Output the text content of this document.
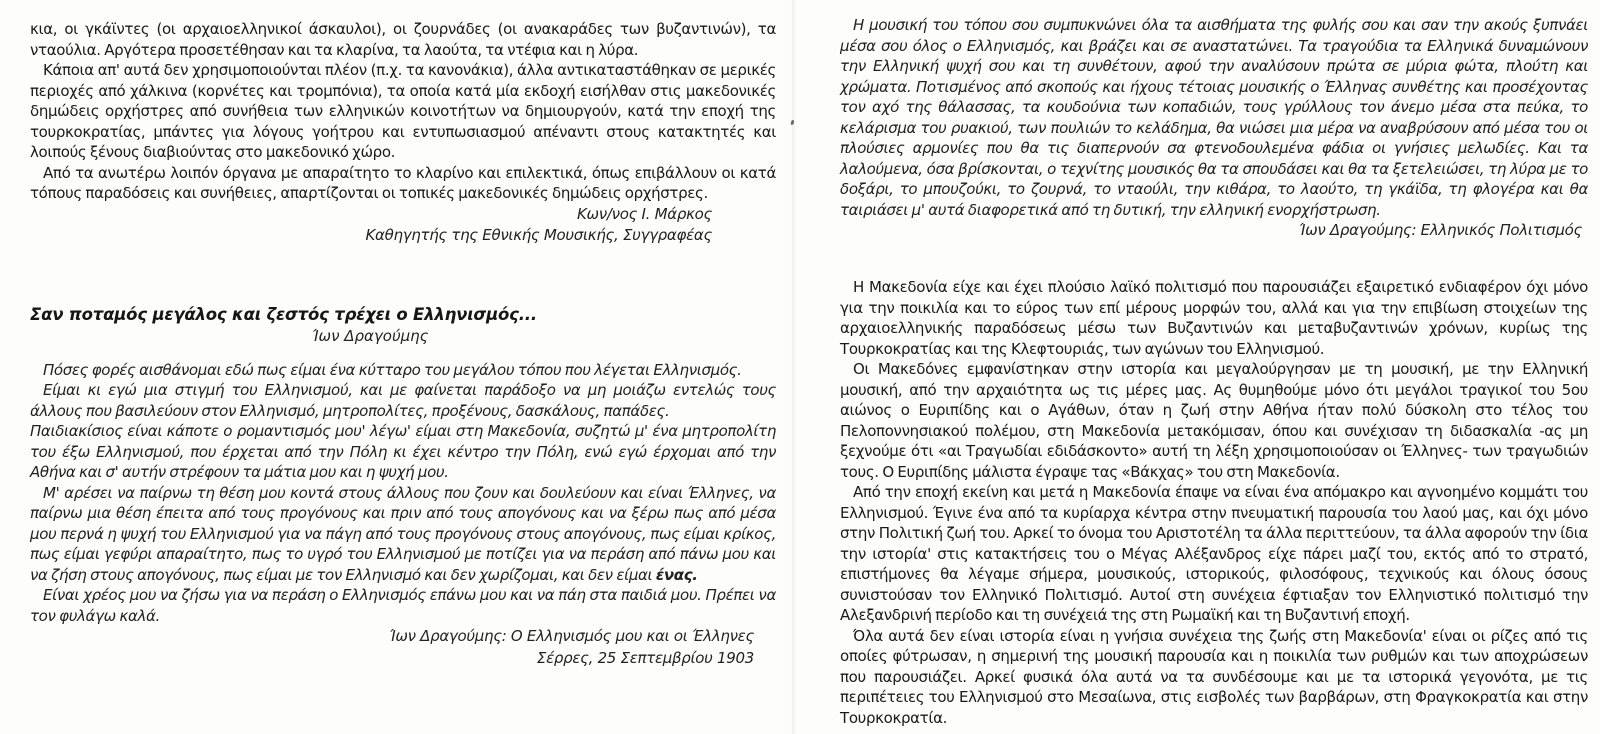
κια, οι γκάϊντες (οι αρχαιοελληνικοί άσκαυλοι), οι ζουρνάδες (οι ανακαράδες των βυζαντινών), τα νταούλια. Αργότερα προσετέθησαν και τα κλαρίνα, τα λαούτα, τα ντέφια και η λύρα.

Κάποια απ' αυτά δεν χρησιμοποιούνται πλέον (π.χ. τα κανονάκια), άλλα αντικαταστάθηκαν σε μερικές περιοχές από χάλκινα (κορνέτες και τρομπόνια), τα οποία κατά μία εκδοχή εισήλθαν στις μακεδονικές δημώδεις ορχήστρες από συνήθεια των ελληνικών κοινοτήτων να δημιουργούν, κατά την εποχή της τουρκοκρατίας, μπάντες για λόγους γοήτρου και εντυπωσιασμού απέναντι στους κατακτητές και λοιπούς ξένους διαβιούντας στο μακεδονικό χώρο.

Από τα ανωτέρω λοιπόν όργανα με απαραίτητο το κλαρίνο και επιλεκτικά, όπως επιβάλλουν οι κατά τόπους παραδόσεις και συνήθειες, απαρτίζονται οι τοπικές μακεδονικές δημώδεις ορχήστρες.

Κων/νος Ι. Μάρκος

Καθηγητής της Εθνικής Μουσικής, Συγγραφέας

Σαν ποταμός μεγάλος και ζεστός τρέχει ο Ελληνισμός...

Ίων Δραγούμης

Πόσες φορές αισθάνομαι εδώ πως είμαι ένα κύτταρο του μεγάλου τόπου που λέγεται Ελληνισμός.

Είμαι κι εγώ μια στιγμή του Ελληνισμού, και με φαίνεται παράδοξο να μη μοιάζω εντελώς τους άλλους που βασιλεύουν στον Ελληνισμό, μητροπολίτες, προξένους, δασκάλους, παπάδες.

Παιδιακίσιος είναι κάποτε ο ρομαντισμός μου' λέγω' είμαι στη Μακεδονία, συζητώ μ' ένα μητροπολίτη του έξω Ελληνισμού, που έρχεται από την Πόλη κι έχει κέντρο την Πόλη, ενώ εγώ έρχομαι από την Αθήνα και σ' αυτήν στρέφουν τα μάτια μου και η ψυχή μου.

Μ' αρέσει να παίρνω τη θέση μου κοντά στους άλλους που ζουν και δουλεύουν και είναι Έλληνες, να παίρνω μια θέση έπειτα από τους προγόνους και πριν από τους απογόνους και να ξέρω πως από μέσα μου περνά η ψυχή του Ελληνισμού για να πάγη από τους προγόνους στους απογόνους, πως είμαι κρίκος, πως είμαι γεφύρι απαραίτητο, πως το υγρό του Ελληνισμού με ποτίζει για να περάση από πάνω μου και να ζήση στους απογόνους, πως είμαι με τον Ελληνισμό και δεν χωρίζομαι, και δεν είμαι ένας.

Είναι χρέος μου να ζήσω για να περάση ο Ελληνισμός επάνω μου και να πάη στα παιδιά μου. Πρέπει να τον φυλάγω καλά.

Ίων Δραγούμης: Ο Ελληνισμός μου και οι Έλληνες

Σέρρες, 25 Σεπτεμβρίου 1903

Η μουσική του τόπου σου συμπυκνώνει όλα τα αισθήματα της φυλής σου και σαν την ακούς ξυπνάει μέσα σου όλος ο Ελληνισμός, και βράζει και σε αναστατώνει. Τα τραγούδια τα Ελληνικά δυναμώνουν την Ελληνική ψυχή σου και τη συνθέτουν, αφού την αναλύσουν πρώτα σε μύρια φώτα, πλούτη και χρώματα. Ποτισμένος από σκοπούς και ήχους τέτοιας μουσικής ο Έλληνας συνθέτης και προσέχοντας τον αχό της θάλασσας, τα κουδούνια των κοπαδιών, τους γρύλλους τον άνεμο μέσα στα πεύκα, το κελάρισμα του ρυακιού, των πουλιών το κελάδημα, θα νιώσει μια μέρα να αναβρύσουν από μέσα του οι πλούσιες αρμονίες που θα τις διαπερνούν σα φτενοδουλεμένα φάδια οι γνήσιες μελωδίες. Και τα λαλούμενα, όσα βρίσκονται, ο τεχνίτης μουσικός θα τα σπουδάσει και θα τα ξετελειώσει, τη λύρα με το δοξάρι, το μπουζούκι, το ζουρνά, το νταούλι, την κιθάρα, το λαούτο, τη γκάϊδα, τη φλογέρα και θα ταιριάσει μ' αυτά διαφορετικά από τη δυτική, την ελληνική ενορχήστρωση.

Ίων Δραγούμης: Ελληνικός Πολιτισμός

Η Μακεδονία είχε και έχει πλούσιο λαϊκό πολιτισμό που παρουσιάζει εξαιρετικό ενδιαφέρον όχι μόνο για την ποικιλία και το εύρος των επί μέρους μορφών του, αλλά και για την επιβίωση στοιχείων της αρχαιοελληνικής παραδόσεως μέσω των Βυζαντινών και μεταβυζαντινών χρόνων, κυρίως της Τουρκοκρατίας και της Κλεφτουριάς, των αγώνων του Ελληνισμού.

Οι Μακεδόνες εμφανίστηκαν στην ιστορία και μεγαλούργησαν με τη μουσική, με την Ελληνική μουσική, από την αρχαιότητα ως τις μέρες μας. Ας θυμηθούμε μόνο ότι μεγάλοι τραγικοί του 5ου αιώνος ο Ευριπίδης και ο Αγάθων, όταν η ζωή στην Αθήνα ήταν πολύ δύσκολη στο τέλος του Πελοποννησιακού πολέμου, στη Μακεδονία μετακόμισαν, όπου και συνέχισαν τη διδασκαλία -ας μη ξεχνούμε ότι «αι Τραγωδίαι εδιδάσκοντο» αυτή τη λέξη χρησιμοποιούσαν οι Έλληνες- των τραγωδιών τους. Ο Ευριπίδης μάλιστα έγραψε τας «Βάκχας» του στη Μακεδονία.

Από την εποχή εκείνη και μετά η Μακεδονία έπαψε να είναι ένα απόμακρο και αγνοημένο κομμάτι του Ελληνισμού. Έγινε ένα από τα κυρίαρχα κέντρα στην πνευματική παρουσία του λαού μας, και όχι μόνο στην Πολιτική ζωή του. Αρκεί το όνομα του Αριστοτέλη τα άλλα περιττεύουν, τα άλλα αφορούν την ίδια την ιστορία' στις κατακτήσεις του ο Μέγας Αλέξανδρος είχε πάρει μαζί του, εκτός από το στρατό, επιστήμονες θα λέγαμε σήμερα, μουσικούς, ιστορικούς, φιλοσόφους, τεχνικούς και όλους όσους συνιστούσαν τον Ελληνικό Πολιτισμό. Αυτοί στη συνέχεια έφτιαξαν τον Ελληνιστικό πολιτισμό την Αλεξανδρινή περίοδο και τη συνέχειά της στη Ρωμαϊκή και τη Βυζαντινή εποχή.

Όλα αυτά δεν είναι ιστορία είναι η γνήσια συνέχεια της ζωής στη Μακεδονία' είναι οι ρίζες από τις οποίες φύτρωσαν, η σημερινή της μουσική παρουσία και η ποικιλία των ρυθμών και των αποχρώσεων που παρουσιάζει. Αρκεί φυσικά όλα αυτά να τα συνδέσουμε και με τα ιστορικά γεγονότα, με τις περιπέτειες του Ελληνισμού στο Μεσαίωνα, στις εισβολές των βαρβάρων, στη Φραγκοκρατία και στην Τουρκοκρατία.
